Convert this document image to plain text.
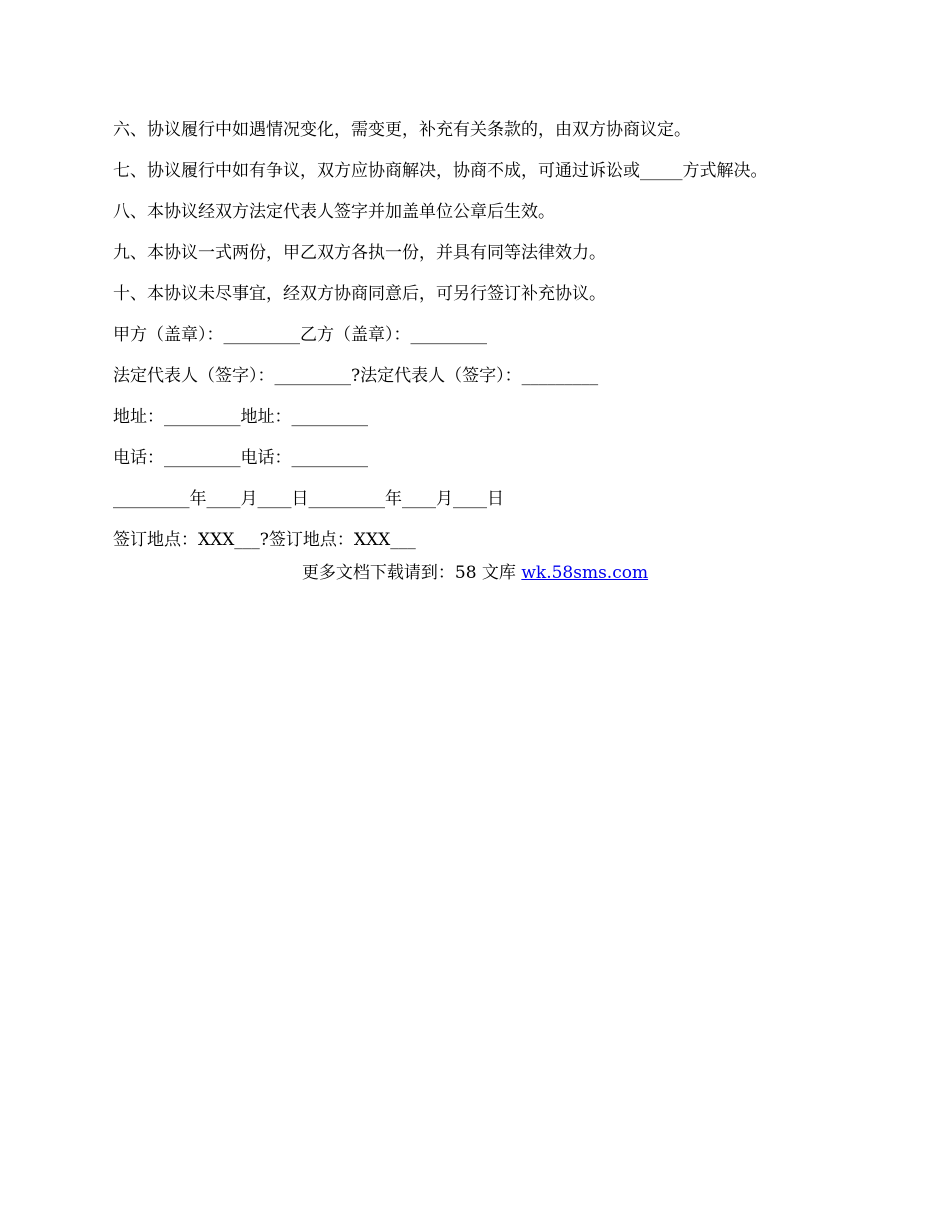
六、协议履行中如遇情况变化，需变更，补充有关条款的，由双方协商议定。
七、协议履行中如有争议，双方应协商解决，协商不成，可通过诉讼或_____方式解决。
八、本协议经双方法定代表人签字并加盖单位公章后生效。
九、本协议一式两份，甲乙双方各执一份，并具有同等法律效力。
十、本协议未尽事宜，经双方协商同意后，可另行签订补充协议。
甲方（盖章）：_________乙方（盖章）：_________
法定代表人（签字）：_________?法定代表人（签字）：_________
地址：_________地址：_________
电话：_________电话：_________
_________年____月____日_________年____月____日
签订地点：XXX___?签订地点：XXX___
更多文档下载请到：58 文库 wk.58sms.com
